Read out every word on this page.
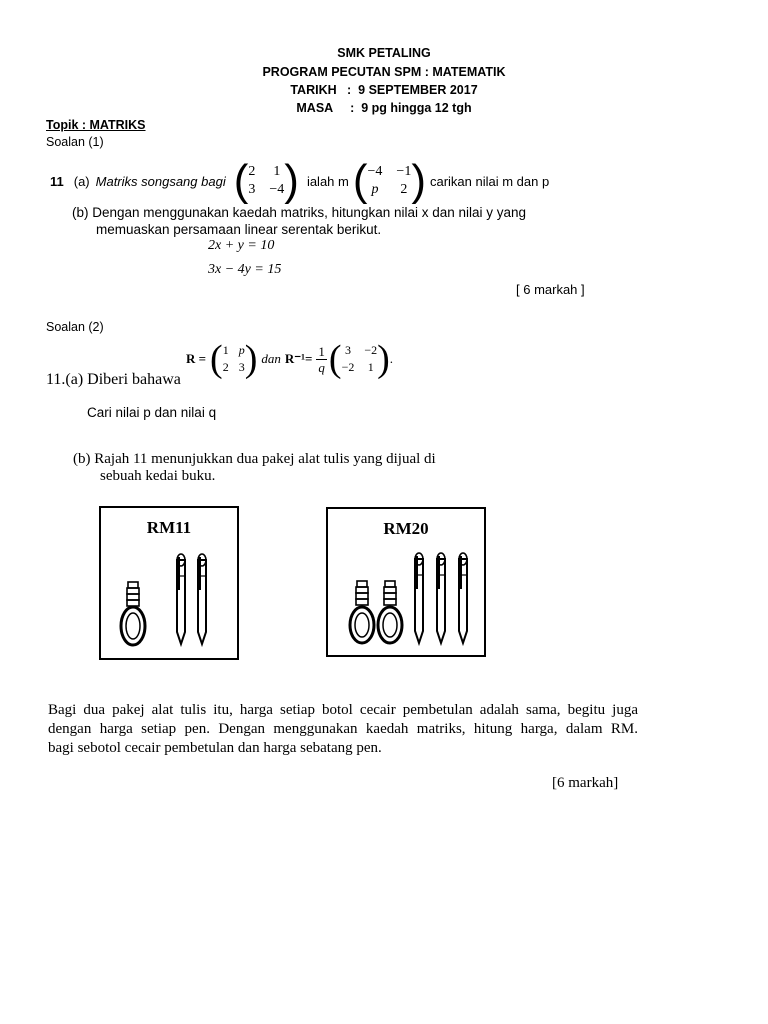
SMK PETALING
PROGRAM PECUTAN SPM : MATEMATIK
TARIKH   :  9 SEPTEMBER 2017
MASA     :  9 pg hingga 12 tgh
Topik : MATRIKS
Soalan (1)
11 (a) Matriks songsang bagi ( 2 1
3 −4 ) ialah m ( −4 −1
p 2 ) carikan nilai m dan p
(b) Dengan menggunakan kaedah matriks, hitungkan nilai x dan nilai y yang
memuaskan persamaan linear serentak berikut.
2x + y = 10
3x − 4y = 15
[ 6 markah ]
Soalan (2)

R = ( 1 p
2 3 ) dan $R^{-1}= \frac{1}{q}$ ( 3 −2
−2 1 ) .
11.(a) Diberi bahawa
Cari nilai p dan nilai q
(b) Rajah 11 menunjukkan dua pakej alat tulis yang dijual di
sebuah kedai buku.
RM11	RM20
Bagi dua pakej alat tulis itu, harga setiap botol cecair pembetulan adalah sama, begitu juga
dengan harga setiap pen. Dengan menggunakan kaedah matriks, hitung harga, dalam RM.
bagi sebotol cecair pembetulan dan harga sebatang pen.
[6 markah]
